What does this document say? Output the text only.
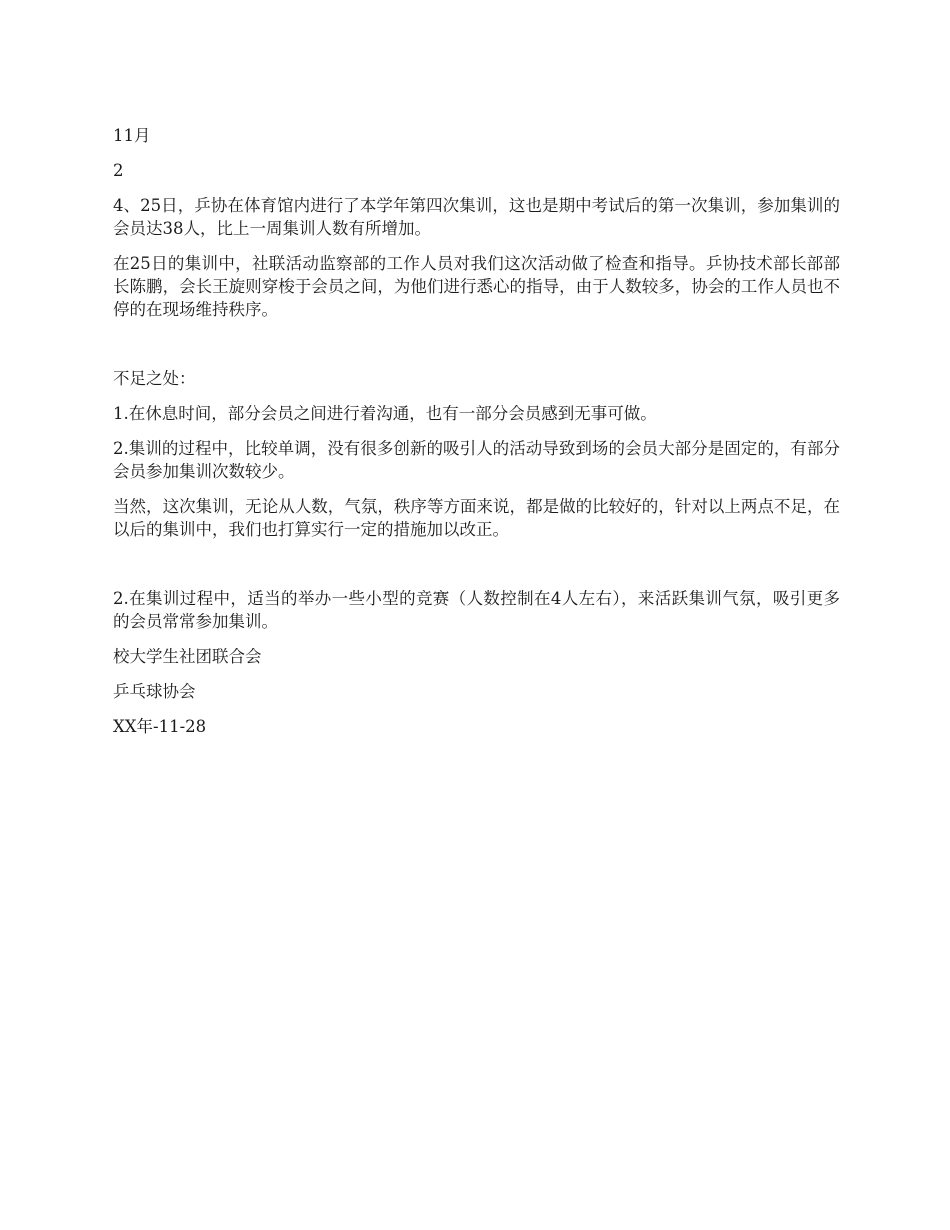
11月

2

4、25日，乒协在体育馆内进行了本学年第四次集训，这也是期中考试后的第一次集训，参加集训的会员达38人，比上一周集训人数有所增加。

在25日的集训中，社联活动监察部的工作人员对我们这次活动做了检查和指导。乒协技术部长部部长陈鹏，会长王旋则穿梭于会员之间，为他们进行悉心的指导，由于人数较多，协会的工作人员也不停的在现场维持秩序。

不足之处：

1.在休息时间，部分会员之间进行着沟通，也有一部分会员感到无事可做。

2.集训的过程中，比较单调，没有很多创新的吸引人的活动导致到场的会员大部分是固定的，有部分会员参加集训次数较少。

当然，这次集训，无论从人数，气氛，秩序等方面来说，都是做的比较好的，针对以上两点不足，在以后的集训中，我们也打算实行一定的措施加以改正。

2.在集训过程中，适当的举办一些小型的竞赛（人数控制在4人左右），来活跃集训气氛，吸引更多的会员常常参加集训。

校大学生社团联合会

乒乓球协会

XX年-11-28
